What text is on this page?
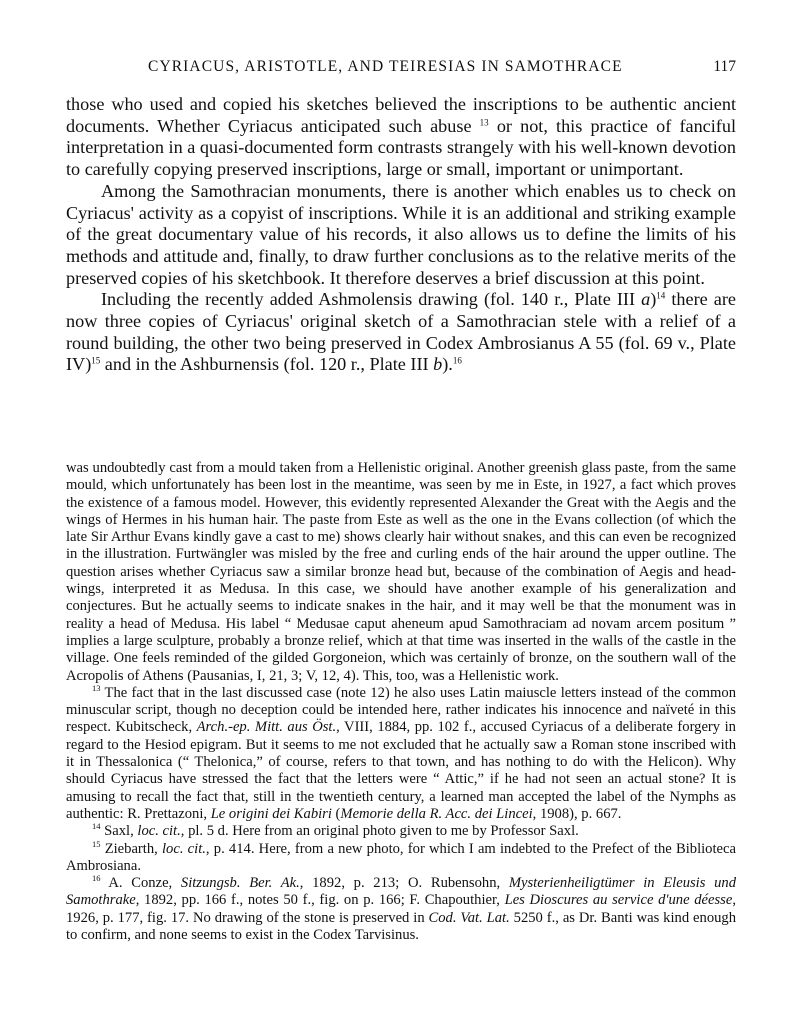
CYRIACUS, ARISTOTLE, AND TEIRESIAS IN SAMOTHRACE	117

those who used and copied his sketches believed the inscriptions to be authentic ancient documents. Whether Cyriacus anticipated such abuse $^{13}$ or not, this practice of fanciful interpretation in a quasi-documented form contrasts strangely with his well-known devotion to carefully copying preserved inscriptions, large or small, important or unimportant.

Among the Samothracian monuments, there is another which enables us to check on Cyriacus' activity as a copyist of inscriptions. While it is an additional and striking example of the great documentary value of his records, it also allows us to define the limits of his methods and attitude and, finally, to draw further conclusions as to the relative merits of the preserved copies of his sketchbook. It therefore deserves a brief discussion at this point.

Including the recently added Ashmolensis drawing (fol. 140 r., Plate III a)$^{14}$ there are now three copies of Cyriacus' original sketch of a Samothracian stele with a relief of a round building, the other two being preserved in Codex Ambrosianus A 55 (fol. 69 v., Plate IV)$^{15}$ and in the Ashburnensis (fol. 120 r., Plate III b).$^{16}$

was undoubtedly cast from a mould taken from a Hellenistic original. Another greenish glass paste, from the same mould, which unfortunately has been lost in the meantime, was seen by me in Este, in 1927, a fact which proves the existence of a famous model. However, this evidently represented Alexander the Great with the Aegis and the wings of Hermes in his human hair. The paste from Este as well as the one in the Evans collection (of which the late Sir Arthur Evans kindly gave a cast to me) shows clearly hair without snakes, and this can even be recognized in the illustration. Furtwängler was misled by the free and curling ends of the hair around the upper outline. The question arises whether Cyriacus saw a similar bronze head but, because of the combination of Aegis and head-wings, interpreted it as Medusa. In this case, we should have another example of his generalization and conjectures. But he actually seems to indicate snakes in the hair, and it may well be that the monument was in reality a head of Medusa. His label “ Medusae caput aheneum apud Samothraciam ad novam arcem positum ” implies a large sculpture, probably a bronze relief, which at that time was inserted in the walls of the castle in the village. One feels reminded of the gilded Gorgoneion, which was certainly of bronze, on the southern wall of the Acropolis of Athens (Pausanias, I, 21, 3; V, 12, 4). This, too, was a Hellenistic work.

$^{13}$ The fact that in the last discussed case (note 12) he also uses Latin maiuscle letters instead of the common minuscular script, though no deception could be intended here, rather indicates his innocence and naïveté in this respect. Kubitscheck, Arch.-ep. Mitt. aus Öst., VIII, 1884, pp. 102 f., accused Cyriacus of a deliberate forgery in regard to the Hesiod epigram. But it seems to me not excluded that he actually saw a Roman stone inscribed with it in Thessalonica (“ Thelonica,” of course, refers to that town, and has nothing to do with the Helicon). Why should Cyriacus have stressed the fact that the letters were “ Attic,” if he had not seen an actual stone? It is amusing to recall the fact that, still in the twentieth century, a learned man accepted the label of the Nymphs as authentic: R. Prettazoni, Le origini dei Kabiri (Memorie della R. Acc. dei Lincei, 1908), p. 667.

$^{14}$ Saxl, loc. cit., pl. 5 d. Here from an original photo given to me by Professor Saxl.

$^{15}$ Ziebarth, loc. cit., p. 414. Here, from a new photo, for which I am indebted to the Prefect of the Biblioteca Ambrosiana.

$^{16}$ A. Conze, Sitzungsb. Ber. Ak., 1892, p. 213; O. Rubensohn, Mysterienheiligtümer in Eleusis und Samothrake, 1892, pp. 166 f., notes 50 f., fig. on p. 166; F. Chapouthier, Les Dioscures au service d'une déesse, 1926, p. 177, fig. 17. No drawing of the stone is preserved in Cod. Vat. Lat. 5250 f., as Dr. Banti was kind enough to confirm, and none seems to exist in the Codex Tarvisinus.
